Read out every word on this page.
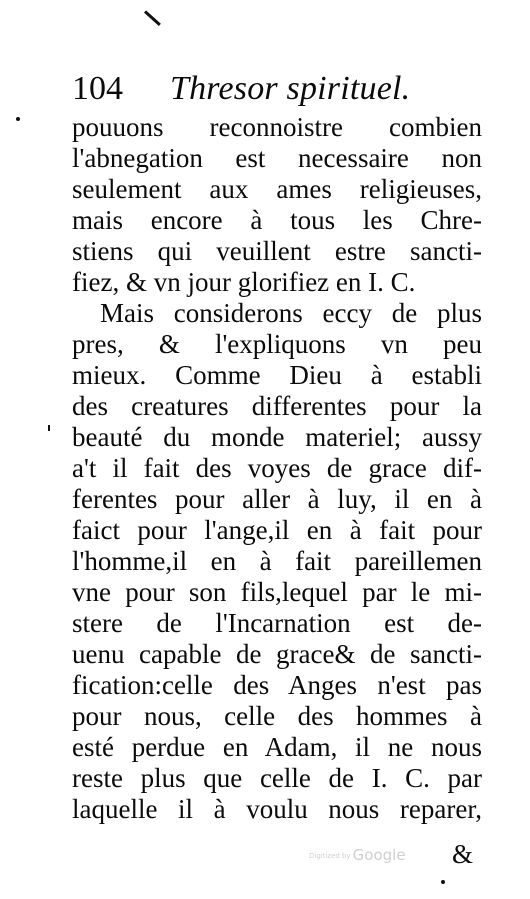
104 Thresor spirituel.
pouuons reconnoistre combien
l'abnegation est necessaire non
seulement aux ames religieuses,
mais encore à tous les Chre-
stiens qui veuillent estre sancti-
fiez, & vn jour glorifiez en I. C.
Mais considerons eccy de plus
pres, & l'expliquons vn peu
mieux. Comme Dieu à establi
des creatures differentes pour la
beauté du monde materiel; aussy
a't il fait des voyes de grace dif-
ferentes pour aller à luy, il en à
faict pour l'ange,il en à fait pour
l'homme,il en à fait pareillemen
vne pour son fils,lequel par le mi-
stere de l'Incarnation est de-
uenu capable de grace& de sancti-
fication:celle des Anges n'est pas
pour nous, celle des hommes à
esté perdue en Adam, il ne nous
reste plus que celle de I. C. par
laquelle il à voulu nous reparer,
Digitized by Google &
